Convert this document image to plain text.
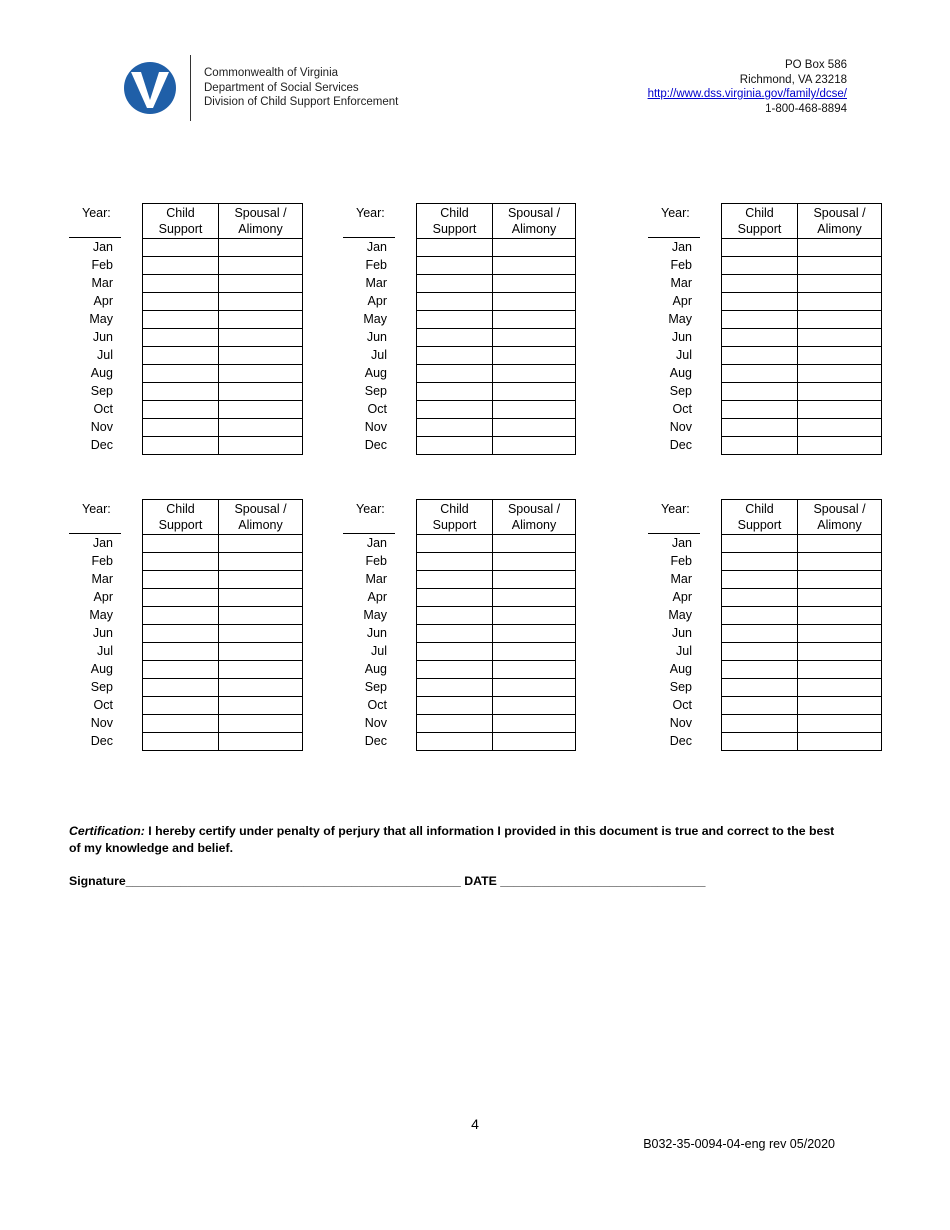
Commonwealth of Virginia
Department of Social Services
Division of Child Support Enforcement
PO Box 586
Richmond, VA 23218
http://www.dss.virginia.gov/family/dcse/
1-800-468-8894
Year:
Jan
Feb
Mar
Apr
May
Jun
Jul
Aug
Sep
Oct
Nov
Dec
Child Support	Spousal / Alimony

Year:
Jan
Feb
Mar
Apr
May
Jun
Jul
Aug
Sep
Oct
Nov
Dec
Child Support	Spousal / Alimony

Year:
Jan
Feb
Mar
Apr
May
Jun
Jul
Aug
Sep
Oct
Nov
Dec
Child Support	Spousal / Alimony

Year:
Jan
Feb
Mar
Apr
May
Jun
Jul
Aug
Sep
Oct
Nov
Dec
Child Support	Spousal / Alimony

Year:
Jan
Feb
Mar
Apr
May
Jun
Jul
Aug
Sep
Oct
Nov
Dec
Child Support	Spousal / Alimony

Year:
Jan
Feb
Mar
Apr
May
Jun
Jul
Aug
Sep
Oct
Nov
Dec
Child Support	Spousal / Alimony

Certification: I hereby certify under penalty of perjury that all information I provided in this document is true and correct to the best of my knowledge and belief.
Signature_________________________________________________ DATE ______________________________
4
B032-35-0094-04-eng rev 05/2020
